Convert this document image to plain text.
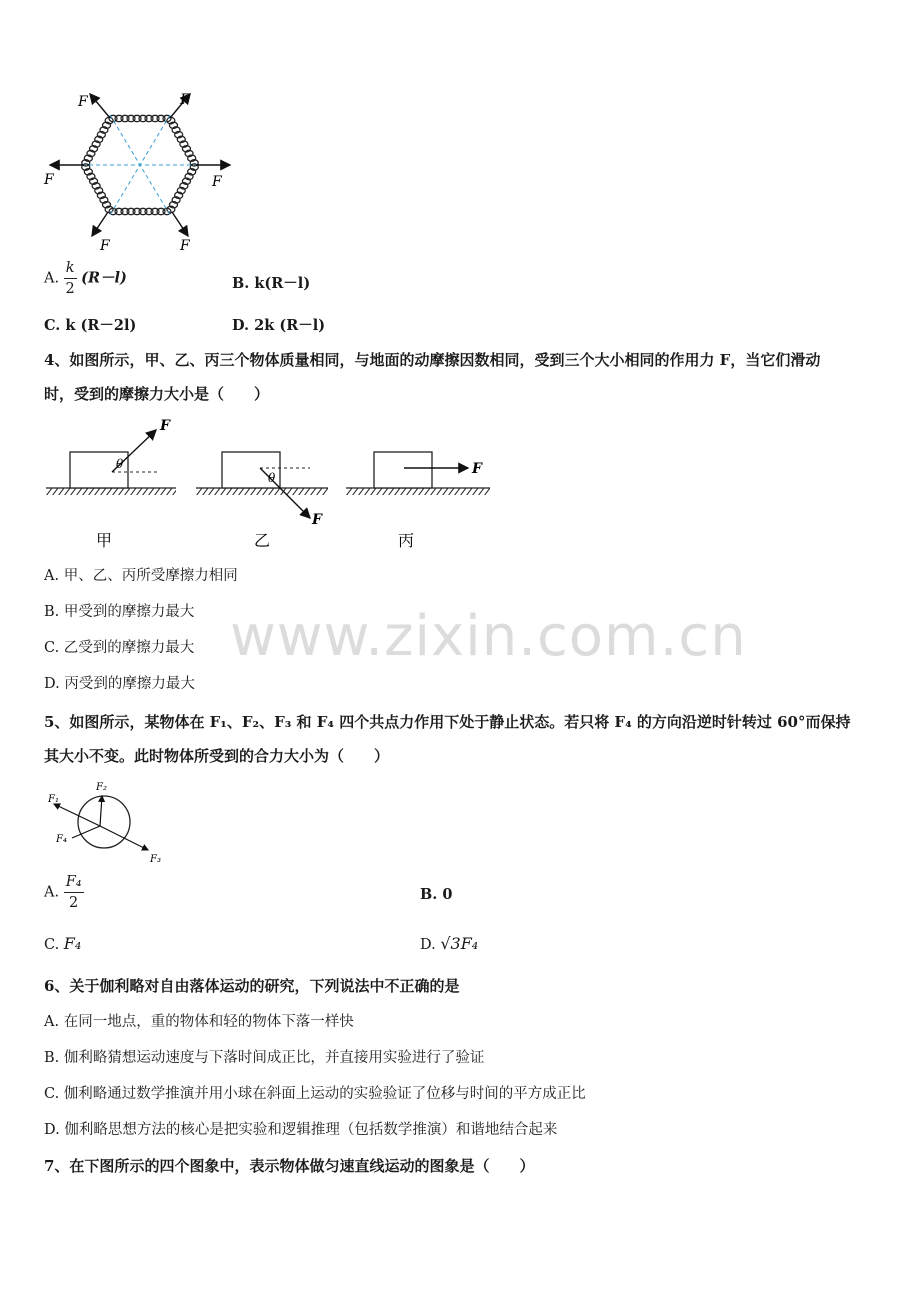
www.zixin.com.cn
F	F
F	F
F	F
A. $\frac{k}{2} (R-l)$	B. k(R－l)
C. k (R－2l)	D. 2k (R－l)
4、如图所示，甲、乙、丙三个物体质量相同，与地面的动摩擦因数相同，受到三个大小相同的作用力 F，当它们滑动
时，受到的摩擦力大小是（　　）
F
θ
F
θ
F
甲	乙	丙
A. 甲、乙、丙所受摩擦力相同
B. 甲受到的摩擦力最大
C. 乙受到的摩擦力最大
D. 丙受到的摩擦力最大
5、如图所示，某物体在 F₁、F₂、F₃ 和 F₄ 四个共点力作用下处于静止状态。若只将 F₄ 的方向沿逆时针转过 60°而保持
其大小不变。此时物体所受到的合力大小为（　　）
F₁
F₂
F₃
F₄
A. $\frac{\text{F₄}}{2}$	B. 0
C. F₄	D. √3F₄
6、关于伽利略对自由落体运动的研究，下列说法中不正确的是
A. 在同一地点，重的物体和轻的物体下落一样快
B. 伽利略猜想运动速度与下落时间成正比，并直接用实验进行了验证
C. 伽利略通过数学推演并用小球在斜面上运动的实验验证了位移与时间的平方成正比
D. 伽利略思想方法的核心是把实验和逻辑推理（包括数学推演）和谐地结合起来
7、在下图所示的四个图象中，表示物体做匀速直线运动的图象是（　　）
